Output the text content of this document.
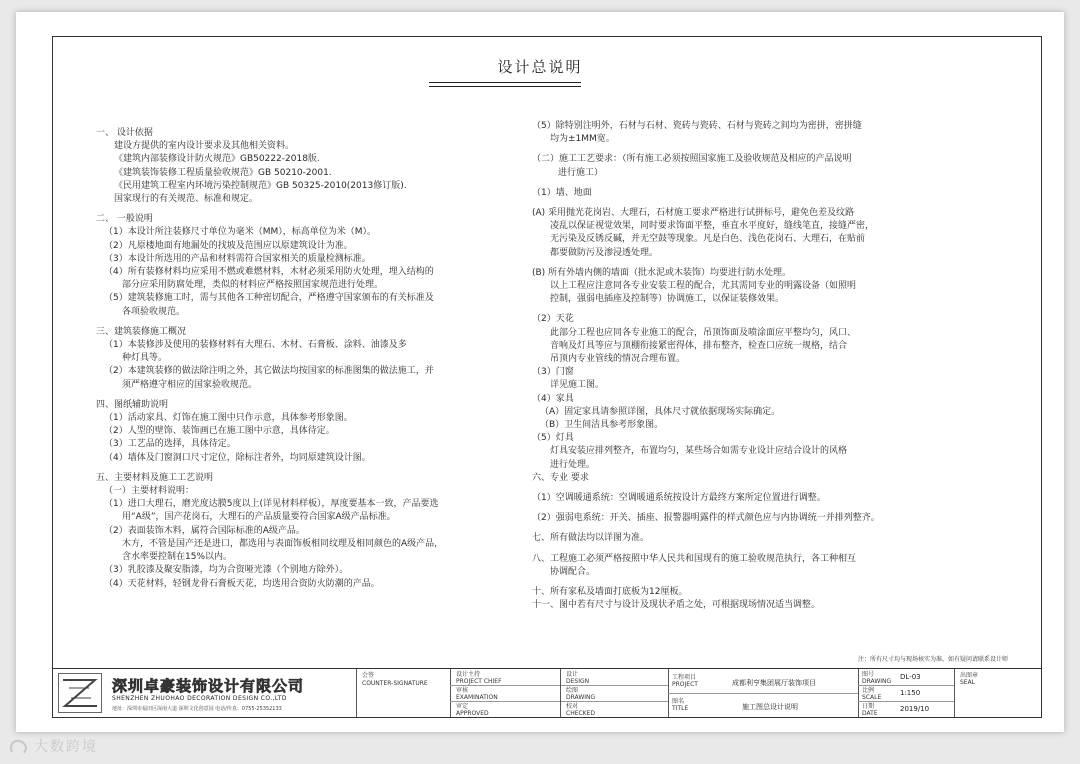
设计总说明
一、 设计依据
建设方提供的室内设计要求及其他相关资料。
《建筑内部装修设计防火规范》GB50222-2018版.
《建筑装饰装修工程质量验收规范》GB 50210-2001.
《民用建筑工程室内环境污染控制规范》GB 50325-2010(2013修订版).
国家现行的有关规范、标准和规定。
二、 一般说明
（1）本设计所注装修尺寸单位为毫米（MM），标高单位为米（M）。
（2）凡原楼地面有地漏处的找坡及范围应以原建筑设计为准。
（3）本设计所选用的产品和材料需符合国家相关的质量检测标准。
（4）所有装修材料均应采用不燃或难燃材料，木材必须采用防火处理，埋入结构的
部分应采用防腐处理，类似的材料应严格按照国家规范进行处理。
（5）建筑装修施工时，需与其他各工种密切配合，严格遵守国家颁布的有关标准及
各项验收规范。
三、建筑装修施工概况
（1）本装修涉及使用的装修材料有大理石、木材、石膏板、涂料、油漆及多
种灯具等。
（2）本建筑装修的做法除注明之外，其它做法均按国家的标准图集的做法施工，并
须严格遵守相应的国家验收规范。
四、图纸辅助说明
（1）活动家具、灯饰在施工图中只作示意，具体参考形象图。
（2）人型的壁饰、装饰画已在施工图中示意，具体待定。
（3）工艺品的选择，具体待定。
（4）墙体及门窗洞口尺寸定位，除标注者外，均同原建筑设计图。
五、主要材料及施工工艺说明
（一）主要材料说明：
（1）进口大理石，磨光度达膜5度以上(详见材料样板），厚度要基本一致，产品要选
用“A级”，国产花岗石，大理石的产品质量要符合国家A级产品标准。
（2）表面装饰木料，属符合国际标准的A级产品。
木方，不管是国产还是进口，都选用与表面饰板相同纹理及相同颜色的A级产品，
含水率要控制在15%以内。
（3）乳胶漆及聚安脂漆，均为合资哑光漆（个别地方除外）。
（4）天花材料，轻钢龙骨石膏板天花，均选用合资防火防潮的产品。
（5）除特别注明外，石材与石材、瓷砖与瓷砖、石材与瓷砖之间均为密拼，密拼缝
均为±1MM宽。
（二）施工工艺要求：（所有施工必须按照国家施工及验收规范及相应的产品说明
进行施工）
（1）墙、地面
(A) 采用抛光花岗岩、大理石，石材施工要求严格进行试拼标号，避免色差及纹路
凌乱以保证视觉效果，同时要求饰面平整，垂直水平度好，缝线笔直，接缝严密，
无污染及反锈反碱，并无空鼓等现象。凡是白色、浅色花岗石、大理石，在贴前
都要做防污及渗浸透处理。
(B) 所有外墙内侧的墙面（批水泥或木装饰）均要进行防水处理。
以上工程应注意同各专业安装工程的配合，尤其需同专业的明露设备（如照明
控制，强弱电插座及控制等）协调施工，以保证装修效果。
（2）天花
此部分工程也应同各专业施工的配合，吊顶饰面及喷涂面应平整均匀，风口、
音响及灯具等应与顶棚衔接紧密得体，排布整齐，检查口应统一规格，结合
吊顶内专业管线的情况合理布置。
（3）门窗
详见施工图。
（4）家具
（A）固定家具请参照详图，具体尺寸就依据现场实际确定。
（B）卫生间洁具参考形象图。
（5）灯具
灯具安装应排列整齐，布置均匀，某些场合如需专业设计应结合设计的风格
进行处理。
六、专业 要求
（1）空调暖通系统：空调暖通系统按设计方最终方案所定位置进行调整。
（2）强弱电系统：开关、插座、报警器明露件的样式颜色应与内协调统一并排列整齐。
七、所有做法均以详图为准。
八、工程施工必须严格按照中华人民共和国现有的施工验收规范执行，各工种相互
协调配合。
十、所有家私及墙面打底板为12厘板。
十一、图中若有尺寸与设计及现状矛盾之处，可根据现场情况适当调整。
注：所有尺寸均与现场核实为准，如有疑问请联系设计师
深圳卓豪装饰设计有限公司
SHENZHEN ZHUOHAO DECORATION DESIGN CO.,LTD
地址：深圳市福田区深南大道 深圳文化创意园 电话/传真：0755-25352133
会签
COUNTER-SIGNATURE
设计主持
PROJECT CHIEF
审核
EXAMINATION
审定
APPROVED
设计
DESIGN
绘图
DRAWING
校对
CHECKED
工程项目
PROJECT	成都利亨集团展厅装饰项目
图名
TITLE	施工图总设计说明
图号
DRAWING
DL-03
比例
SCALE
1:150
日期
DATE
2019/10
出图章
SEAL
大数跨境
